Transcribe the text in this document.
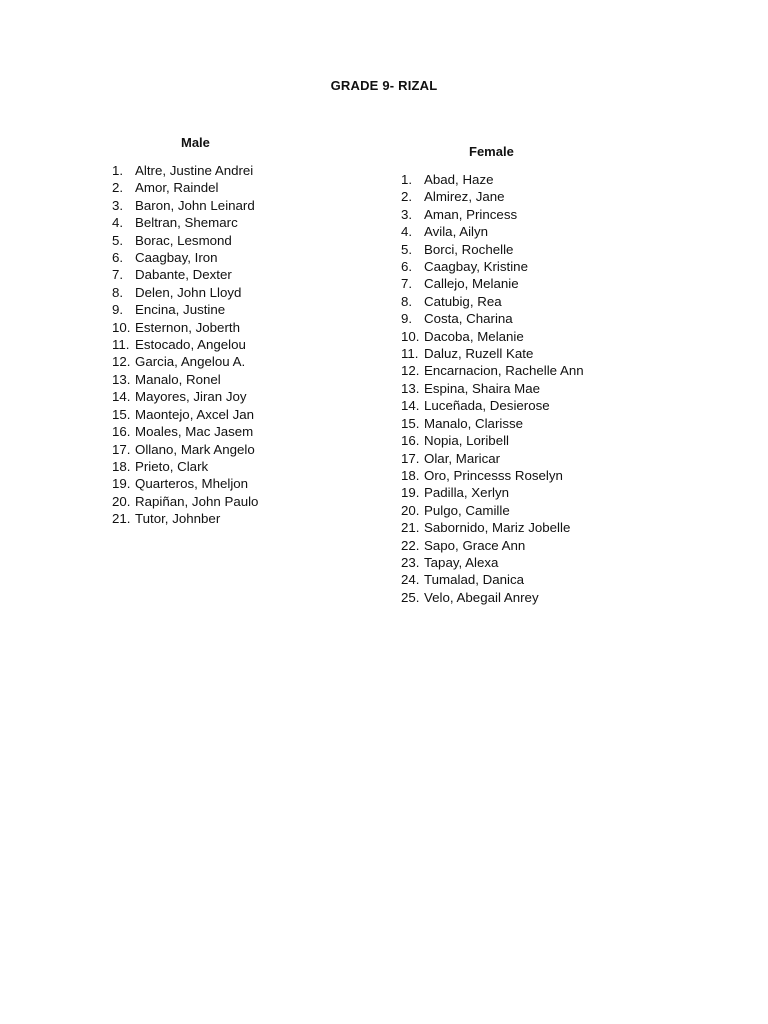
GRADE 9- RIZAL
Male
1. Altre, Justine Andrei
2. Amor, Raindel
3. Baron, John Leinard
4. Beltran, Shemarc
5. Borac, Lesmond
6. Caagbay, Iron
7. Dabante, Dexter
8. Delen, John Lloyd
9. Encina, Justine
10. Esternon, Joberth
11. Estocado, Angelou
12. Garcia, Angelou A.
13. Manalo, Ronel
14. Mayores, Jiran Joy
15. Maontejo, Axcel Jan
16. Moales, Mac Jasem
17. Ollano, Mark Angelo
18. Prieto, Clark
19. Quarteros, Mheljon
20. Rapiñan, John Paulo
21. Tutor, Johnber
Female
1. Abad, Haze
2. Almirez, Jane
3. Aman, Princess
4. Avila, Ailyn
5. Borci, Rochelle
6. Caagbay, Kristine
7. Callejo, Melanie
8. Catubig, Rea
9. Costa, Charina
10. Dacoba, Melanie
11. Daluz, Ruzell Kate
12. Encarnacion, Rachelle Ann
13. Espina, Shaira Mae
14. Luceñada, Desierose
15. Manalo, Clarisse
16. Nopia, Loribell
17. Olar, Maricar
18. Oro, Princesss Roselyn
19. Padilla, Xerlyn
20. Pulgo, Camille
21. Sabornido, Mariz Jobelle
22. Sapo, Grace Ann
23. Tapay, Alexa
24. Tumalad, Danica
25. Velo, Abegail Anrey
